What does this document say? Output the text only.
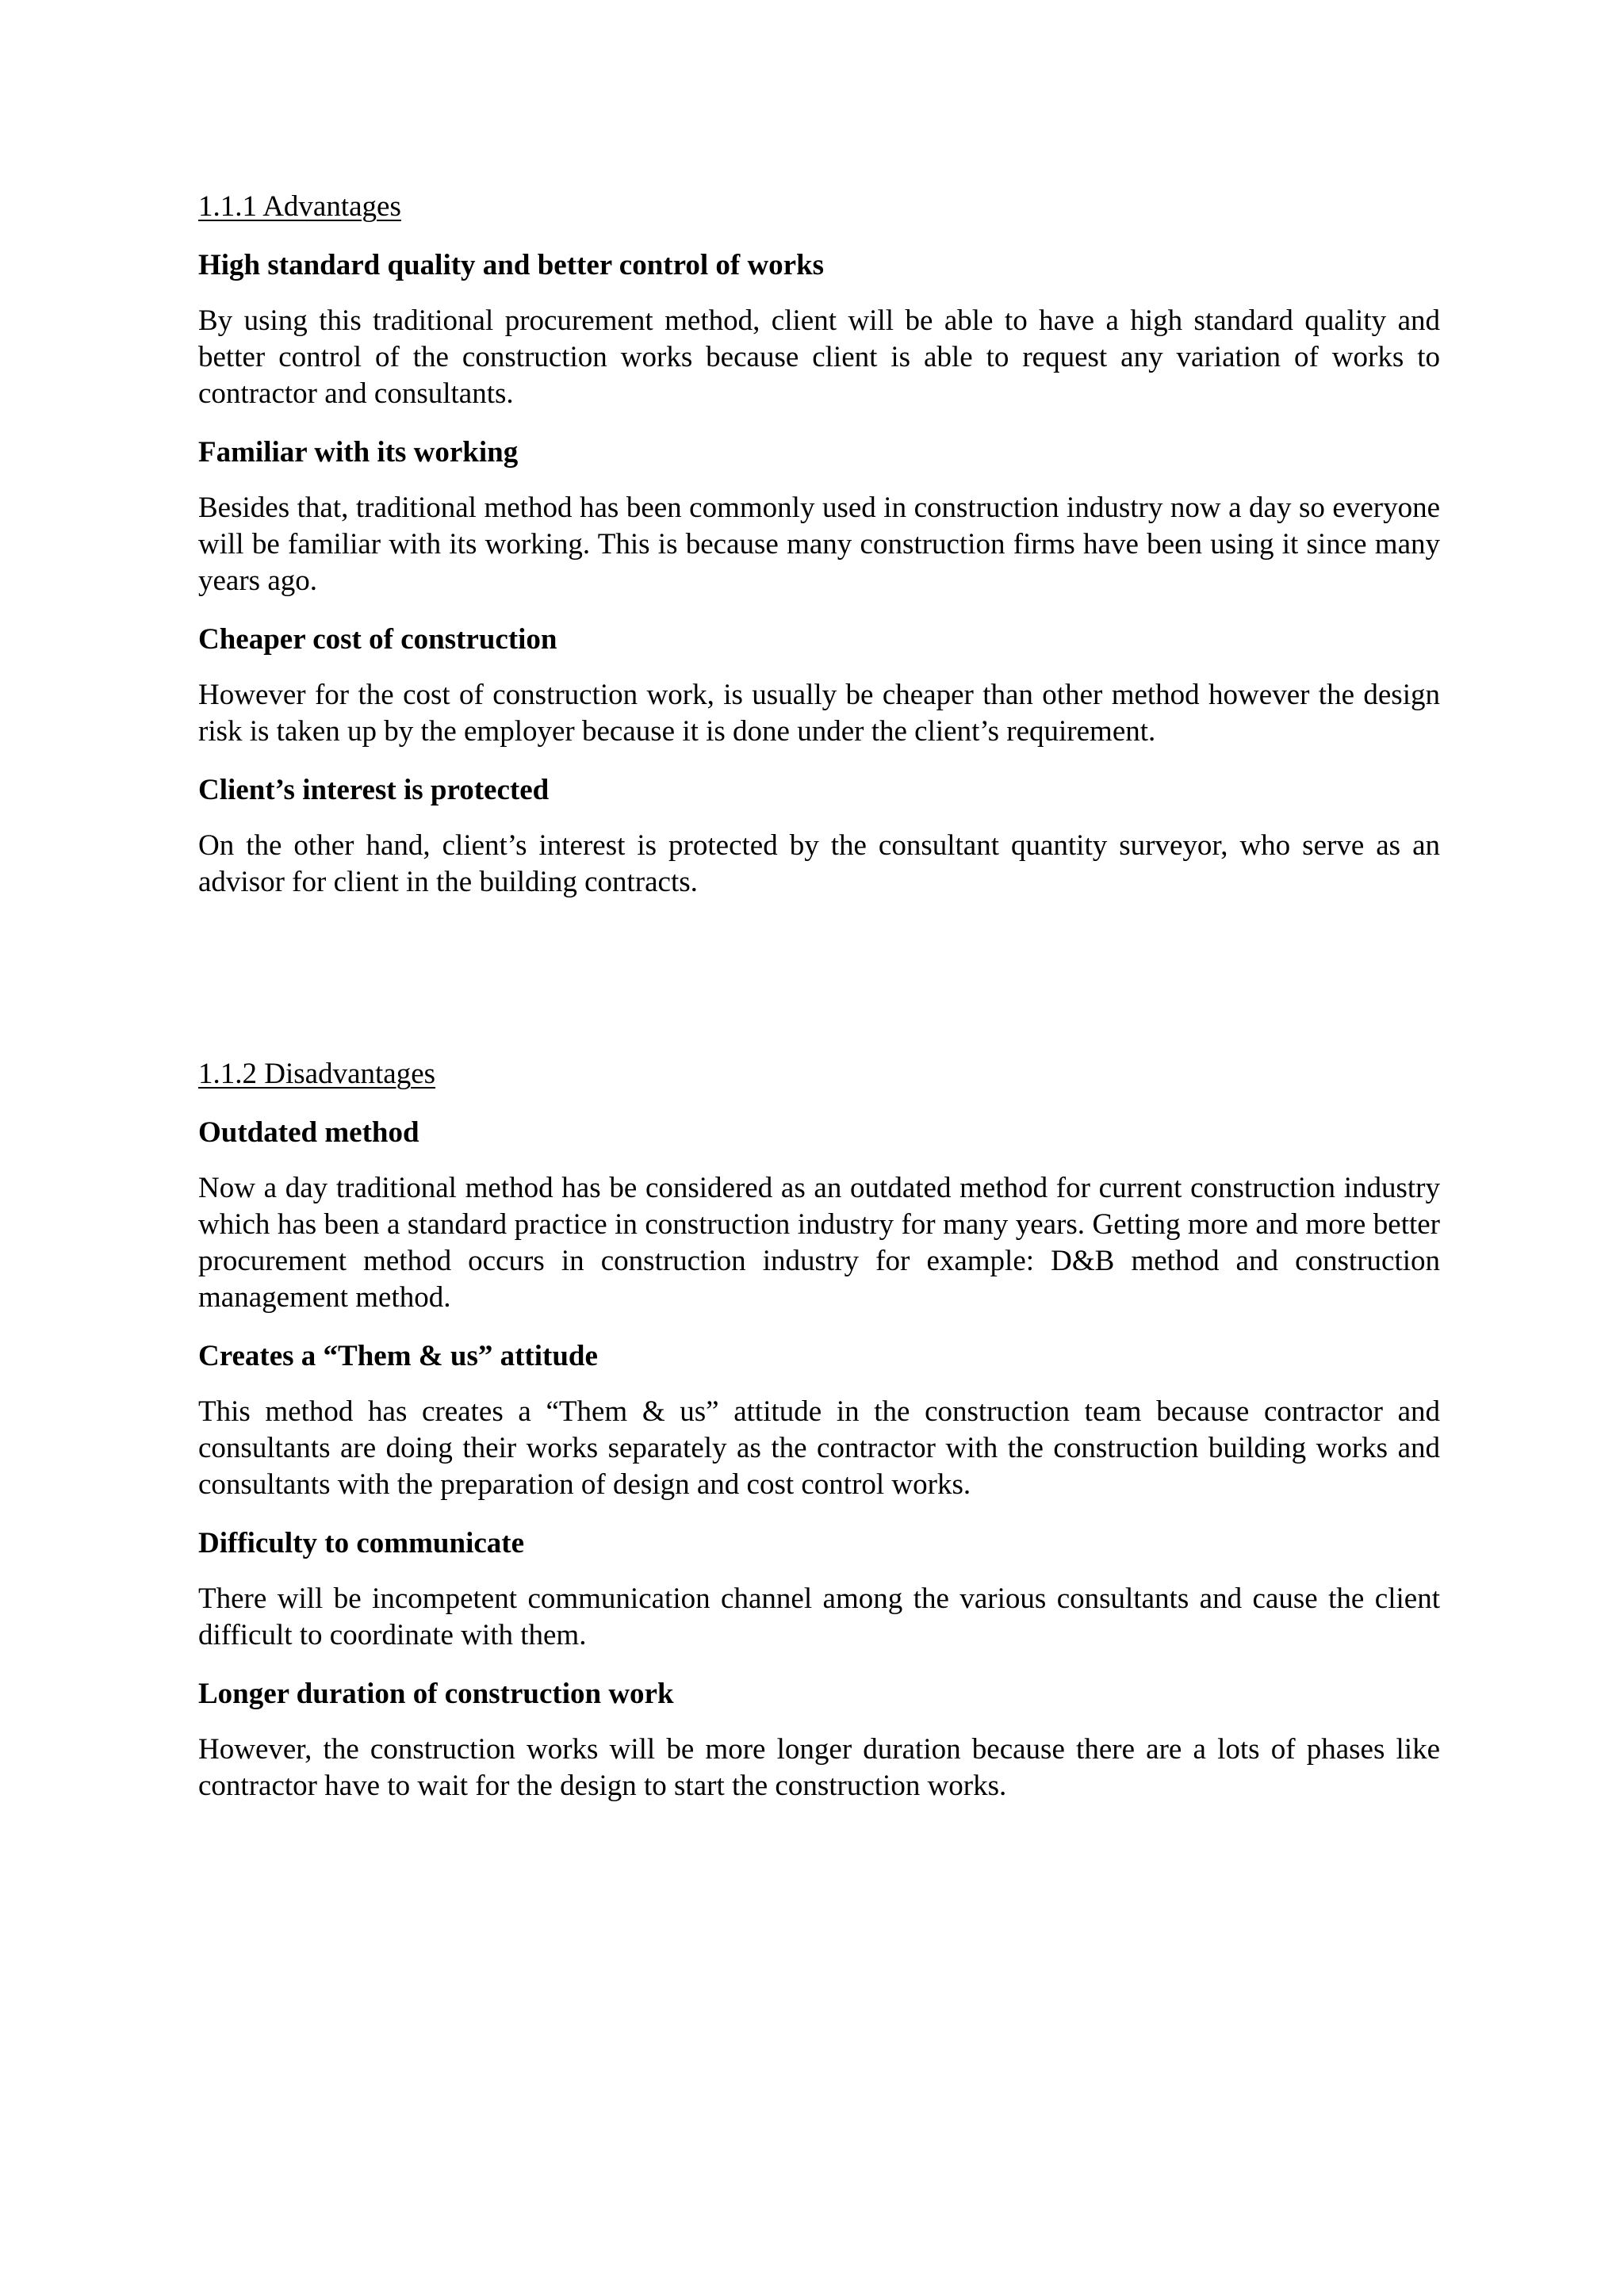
1.1.1 Advantages
High standard quality and better control of works
By using this traditional procurement method, client will be able to have a high standard quality and better control of the construction works because client is able to request any variation of works to contractor and consultants.
Familiar with its working
Besides that, traditional method has been commonly used in construction industry now a day so everyone will be familiar with its working. This is because many construction firms have been using it since many years ago.
Cheaper cost of construction
However for the cost of construction work, is usually be cheaper than other method however the design risk is taken up by the employer because it is done under the client’s requirement.
Client’s interest is protected
On the other hand, client’s interest is protected by the consultant quantity surveyor, who serve as an advisor for client in the building contracts.
1.1.2 Disadvantages
Outdated method
Now a day traditional method has be considered as an outdated method for current construction industry which has been a standard practice in construction industry for many years. Getting more and more better procurement method occurs in construction industry for example: D&B method and construction management method.
Creates a “Them & us” attitude
This method has creates a “Them & us” attitude in the construction team because contractor and consultants are doing their works separately as the contractor with the construction building works and consultants with the preparation of design and cost control works.
Difficulty to communicate
There will be incompetent communication channel among the various consultants and cause the client difficult to coordinate with them.
Longer duration of construction work
However, the construction works will be more longer duration because there are a lots of phases like contractor have to wait for the design to start the construction works.
